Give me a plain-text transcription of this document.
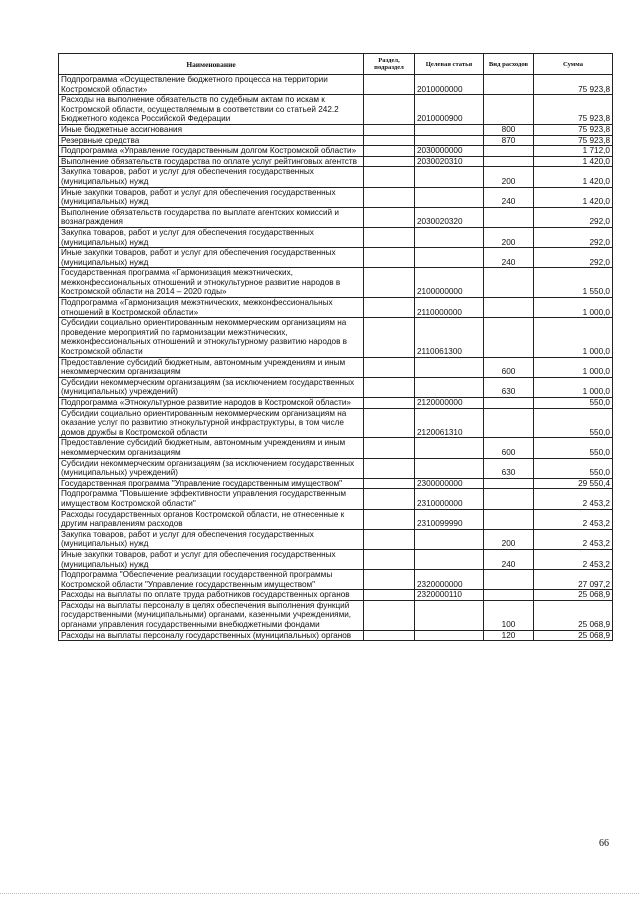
Наименование	Раздел, подраздел	Целевая статья	Вид расходов	Сумма
Подпрограмма «Осуществление бюджетного процесса на территории Костромской области»		2010000000		75 923,8
Расходы на выполнение обязательств по судебным актам по искам к Костромской области, осуществляемым в соответствии со статьей 242.2 Бюджетного кодекса Российской Федерации		2010000900		75 923,8
Иные бюджетные ассигнования			800	75 923,8
Резервные средства			870	75 923,8
Подпрограмма «Управление государственным долгом Костромской области»		2030000000		1 712,0
Выполнение обязательств государства по оплате услуг рейтинговых агентств		2030020310		1 420,0
Закупка товаров, работ и услуг для обеспечения государственных (муниципальных) нужд			200	1 420,0
Иные закупки товаров, работ и услуг для обеспечения государственных (муниципальных) нужд			240	1 420,0
Выполнение обязательств государства по выплате агентских комиссий и вознаграждения		2030020320		292,0
Закупка товаров, работ и услуг для обеспечения государственных (муниципальных) нужд			200	292,0
Иные закупки товаров, работ и услуг для обеспечения государственных (муниципальных) нужд			240	292,0
Государственная программа «Гармонизация межэтнических, межконфессиональных отношений и этнокультурное развитие народов в Костромской области на 2014 – 2020 годы»		2100000000		1 550,0
Подпрограмма «Гармонизация межэтнических, межконфессиональных отношений в Костромской области»		2110000000		1 000,0
Субсидии социально ориентированным некоммерческим организациям на проведение мероприятий по гармонизации межэтнических, межконфессиональных отношений и этнокультурному развитию народов в Костромской области		2110061300		1 000,0
Предоставление субсидий бюджетным, автономным учреждениям и иным некоммерческим организациям			600	1 000,0
Субсидии некоммерческим организациям (за исключением государственных (муниципальных) учреждений)			630	1 000,0
Подпрограмма «Этнокультурное развитие народов в Костромской области»		2120000000		550,0
Субсидии социально ориентированным некоммерческим организациям на оказание услуг по развитию этнокультурной инфраструктуры, в том числе домов дружбы в Костромской области		2120061310		550,0
Предоставление субсидий бюджетным, автономным учреждениям и иным некоммерческим организациям			600	550,0
Субсидии некоммерческим организациям (за исключением государственных (муниципальных) учреждений)			630	550,0
Государственная программа "Управление государственным имуществом"		2300000000		29 550,4
Подпрограмма "Повышение эффективности управления государственным имуществом Костромской области"		2310000000		2 453,2
Расходы государственных органов Костромской области, не отнесенные к другим направлениям расходов		2310099990		2 453,2
Закупка товаров, работ и услуг для обеспечения государственных (муниципальных) нужд			200	2 453,2
Иные закупки товаров, работ и услуг для обеспечения государственных (муниципальных) нужд			240	2 453,2
Подпрограмма "Обеспечение реализации государственной программы Костромской области "Управление государственным имуществом"		2320000000		27 097,2
Расходы на выплаты по оплате труда работников государственных органов		2320000110		25 068,9
Расходы на выплаты персоналу в целях обеспечения выполнения функций государственными (муниципальными) органами, казенными учреждениями, органами управления государственными внебюджетными фондами			100	25 068,9
Расходы на выплаты персоналу государственных (муниципальных) органов			120	25 068,9
66
